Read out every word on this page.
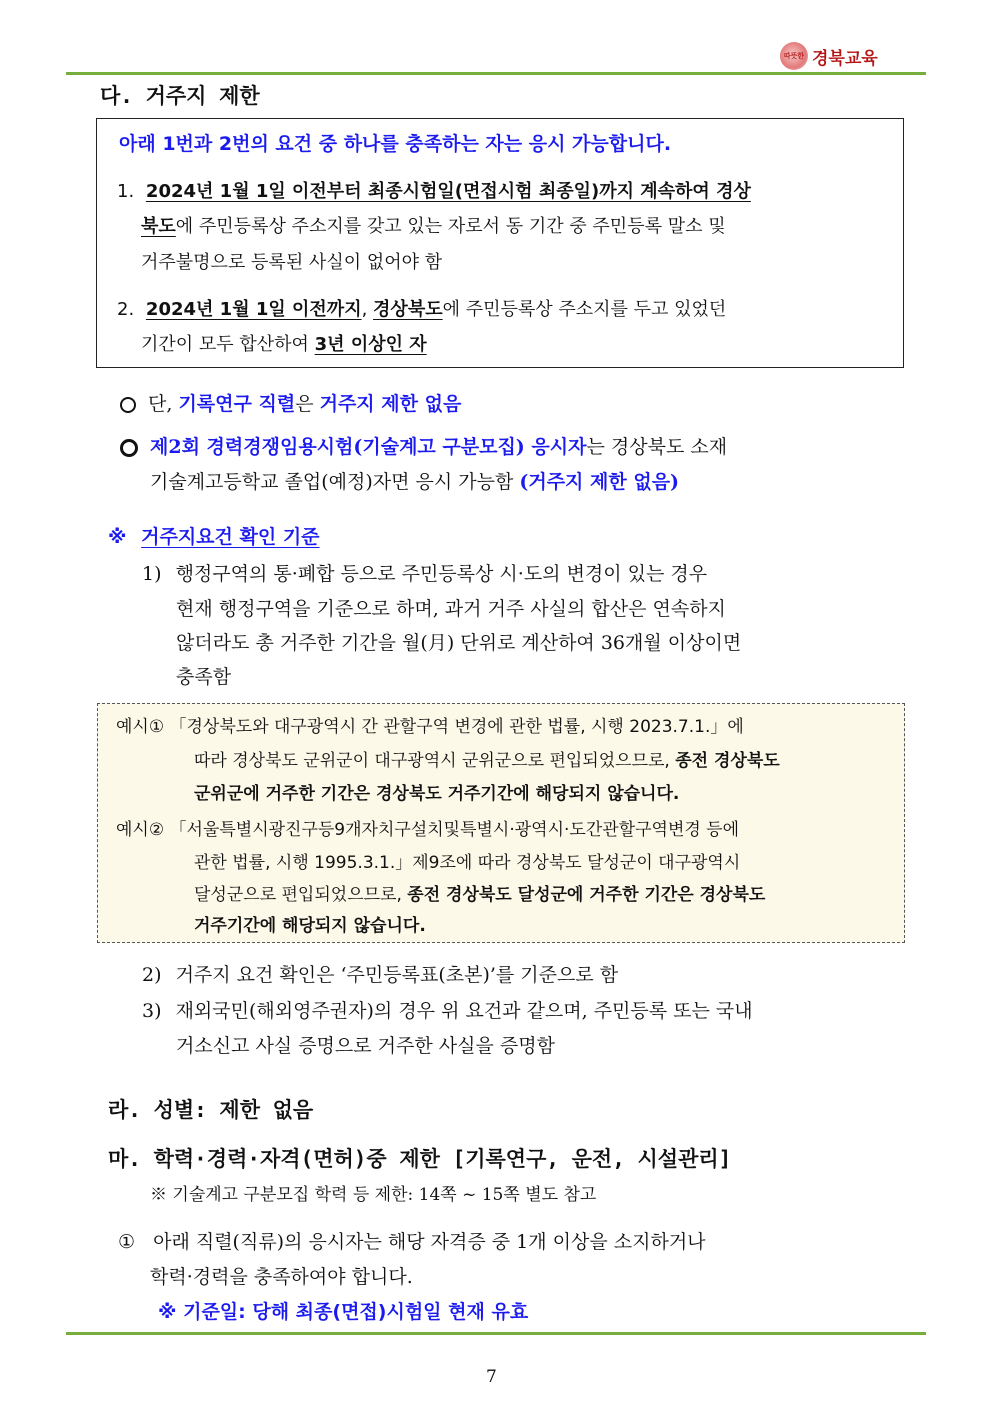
따뜻한 경북교육
다. 거주지 제한
아래 1번과 2번의 요건 중 하나를 충족하는 자는 응시 가능합니다.
1. 2024년 1월 1일 이전부터 최종시험일(면접시험 최종일)까지 계속하여 경상
북도에 주민등록상 주소지를 갖고 있는 자로서 동 기간 중 주민등록 말소 및
거주불명으로 등록된 사실이 없어야 함
2. 2024년 1월 1일 이전까지, 경상북도에 주민등록상 주소지를 두고 있었던
기간이 모두 합산하여 3년 이상인 자
단, 기록연구 직렬은 거주지 제한 없음
제2회 경력경쟁임용시험(기술계고 구분모집) 응시자는 경상북도 소재
기술계고등학교 졸업(예정)자면 응시 가능함 (거주지 제한 없음)
※ 거주지요건 확인 기준
1) 행정구역의 통·폐합 등으로 주민등록상 시·도의 변경이 있는 경우
현재 행정구역을 기준으로 하며, 과거 거주 사실의 합산은 연속하지
않더라도 총 거주한 기간을 월(月) 단위로 계산하여 36개월 이상이면
충족함
예시① 「경상북도와 대구광역시 간 관할구역 변경에 관한 법률, 시행 2023.7.1.」에
따라 경상북도 군위군이 대구광역시 군위군으로 편입되었으므로, 종전 경상북도
군위군에 거주한 기간은 경상북도 거주기간에 해당되지 않습니다.
예시② 「서울특별시광진구등9개자치구설치및특별시·광역시·도간관할구역변경 등에
관한 법률, 시행 1995.3.1.」제9조에 따라 경상북도 달성군이 대구광역시
달성군으로 편입되었으므로, 종전 경상북도 달성군에 거주한 기간은 경상북도
거주기간에 해당되지 않습니다.
2) 거주지 요건 확인은 ‘주민등록표(초본)’를 기준으로 함
3) 재외국민(해외영주권자)의 경우 위 요건과 같으며, 주민등록 또는 국내
거소신고 사실 증명으로 거주한 사실을 증명함
라. 성별: 제한 없음
마. 학력·경력·자격(면허)중 제한 [기록연구, 운전, 시설관리]
※ 기술계고 구분모집 학력 등 제한: 14쪽 ~ 15쪽 별도 참고
① 아래 직렬(직류)의 응시자는 해당 자격증 중 1개 이상을 소지하거나
학력·경력을 충족하여야 합니다.
※ 기준일: 당해 최종(면접)시험일 현재 유효
7
